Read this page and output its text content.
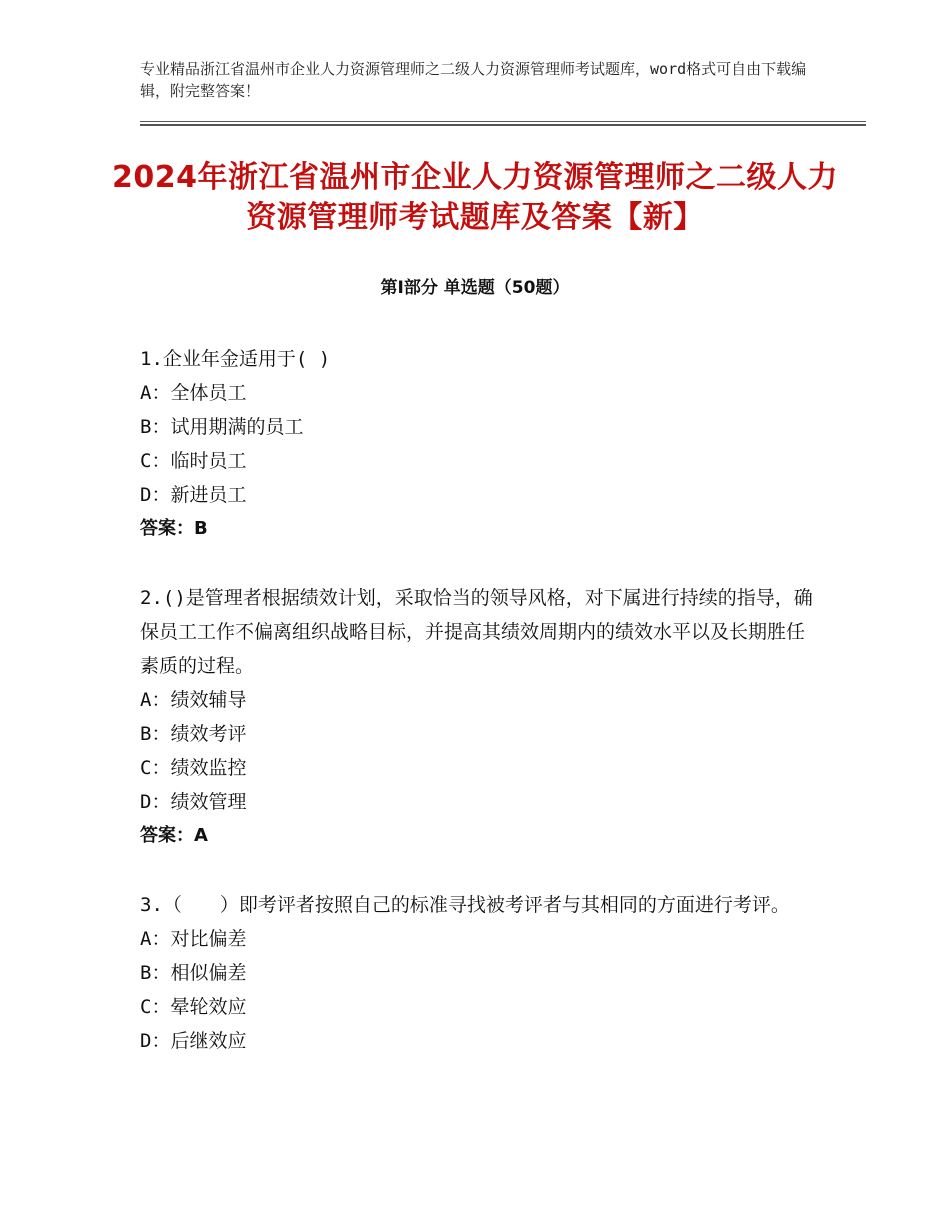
专业精品浙江省温州市企业人力资源管理师之二级人力资源管理师考试题库，word格式可自由下载编辑，附完整答案！
2024年浙江省温州市企业人力资源管理师之二级人力资源管理师考试题库及答案【新】
第Ⅰ部分 单选题（50题）
1.企业年金适用于( )
A：全体员工
B：试用期满的员工
C：临时员工
D：新进员工
答案：B
2.()是管理者根据绩效计划，采取恰当的领导风格，对下属进行持续的指导，确保员工工作不偏离组织战略目标，并提高其绩效周期内的绩效水平以及长期胜任素质的过程。
A：绩效辅导
B：绩效考评
C：绩效监控
D：绩效管理
答案：A
3.（　　）即考评者按照自己的标准寻找被考评者与其相同的方面进行考评。
A：对比偏差
B：相似偏差
C：晕轮效应
D：后继效应
